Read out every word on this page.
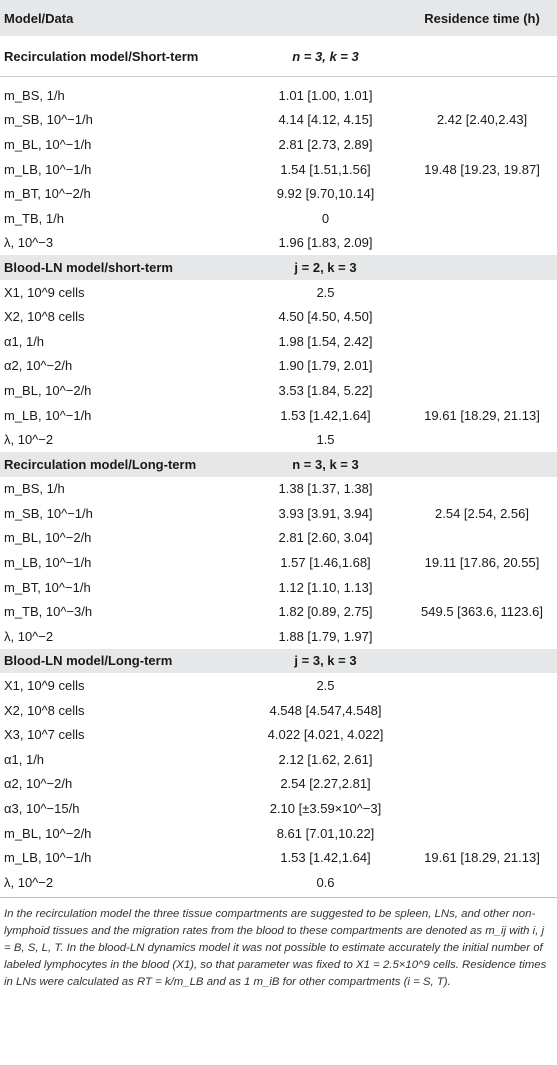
Model/Data	Residence time (h)
Recirculation model/Short-term	n = 3, k = 3
m_BS, 1/h	1.01 [1.00, 1.01]
m_SB, 10^−1/h	4.14 [4.12, 4.15]	2.42 [2.40,2.43]
m_BL, 10^−1/h	2.81 [2.73, 2.89]
m_LB, 10^−1/h	1.54 [1.51,1.56]	19.48 [19.23, 19.87]
m_BT, 10^−2/h	9.92 [9.70,10.14]
m_TB, 1/h	0
λ, 10^−3	1.96 [1.83, 2.09]
Blood-LN model/short-term	j = 2, k = 3
X1, 10^9 cells	2.5
X2, 10^8 cells	4.50 [4.50, 4.50]
α1, 1/h	1.98 [1.54, 2.42]
α2, 10^−2/h	1.90 [1.79, 2.01]
m_BL, 10^−2/h	3.53 [1.84, 5.22]
m_LB, 10^−1/h	1.53 [1.42,1.64]	19.61 [18.29, 21.13]
λ, 10^−2	1.5
Recirculation model/Long-term	n = 3, k = 3
m_BS, 1/h	1.38 [1.37, 1.38]
m_SB, 10^−1/h	3.93 [3.91, 3.94]	2.54 [2.54, 2.56]
m_BL, 10^−2/h	2.81 [2.60, 3.04]
m_LB, 10^−1/h	1.57 [1.46,1.68]	19.11 [17.86, 20.55]
m_BT, 10^−1/h	1.12 [1.10, 1.13]
m_TB, 10^−3/h	1.82 [0.89, 2.75]	549.5 [363.6, 1123.6]
λ, 10^−2	1.88 [1.79, 1.97]
Blood-LN model/Long-term	j = 3, k = 3
X1, 10^9 cells	2.5
X2, 10^8 cells	4.548 [4.547,4.548]
X3, 10^7 cells	4.022 [4.021, 4.022]
α1, 1/h	2.12 [1.62, 2.61]
α2, 10^−2/h	2.54 [2.27,2.81]
α3, 10^−15/h	2.10 [±3.59×10^−3]
m_BL, 10^−2/h	8.61 [7.01,10.22]
m_LB, 10^−1/h	1.53 [1.42,1.64]	19.61 [18.29, 21.13]
λ, 10^−2	0.6
In the recirculation model the three tissue compartments are suggested to be spleen, LNs, and other non-lymphoid tissues and the migration rates from the blood to these compartments are denoted as m_ij with i, j = B, S, L, T. In the blood-LN dynamics model it was not possible to estimate accurately the initial number of labeled lymphocytes in the blood (X1), so that parameter was fixed to X1 = 2.5×10^9 cells. Residence times in LNs were calculated as RT = k/m_LB and as 1 m_iB for other compartments (i = S, T).
